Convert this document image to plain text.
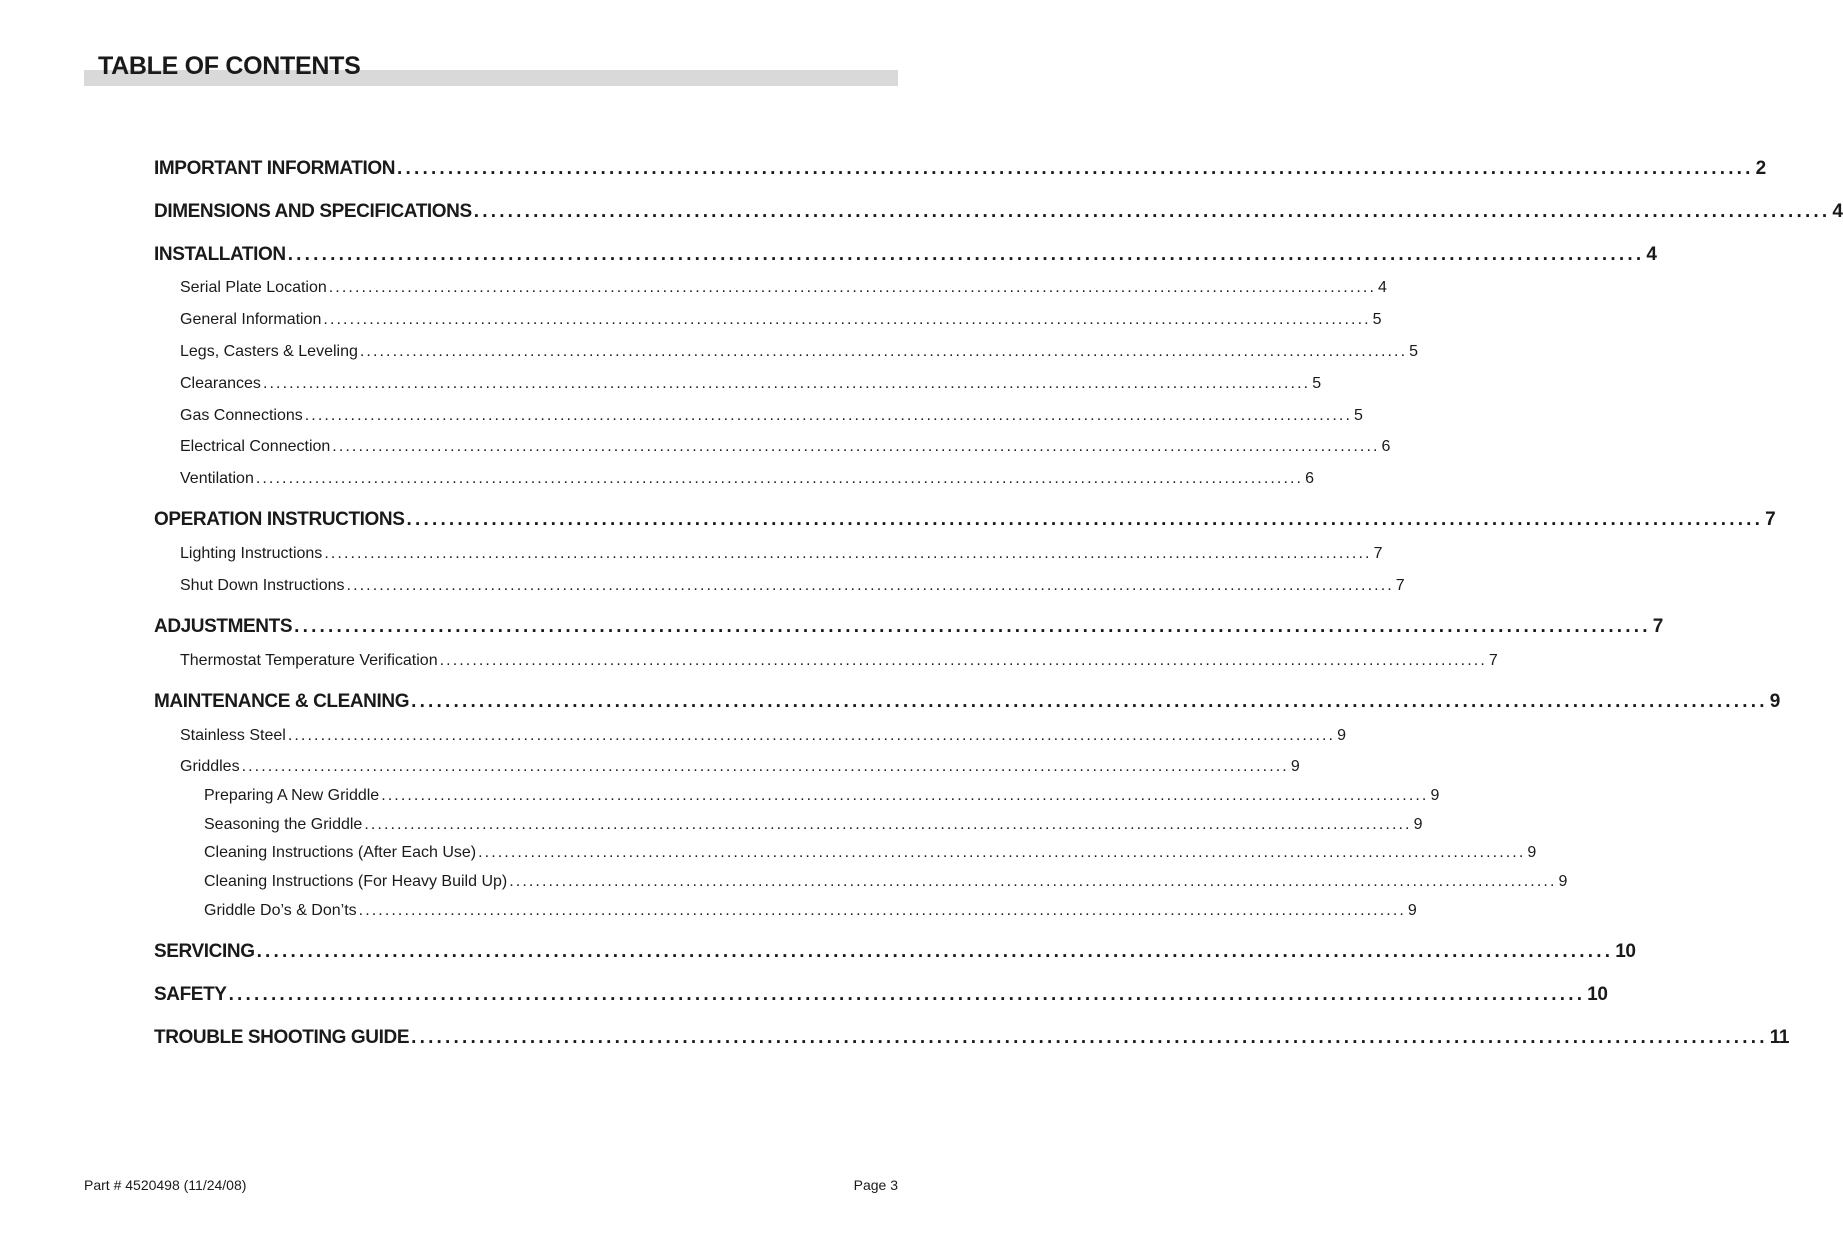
TABLE OF CONTENTS
IMPORTANT INFORMATION ................................................................................................................................................................ 2
DIMENSIONS AND SPECIFICATIONS ................................................................................................................................................................ 4
INSTALLATION ................................................................................................................................................................ 4
Serial Plate Location ................................................................................................................................................................ 4
General Information ................................................................................................................................................................ 5
Legs, Casters & Leveling ................................................................................................................................................................ 5
Clearances ................................................................................................................................................................ 5
Gas Connections ................................................................................................................................................................ 5
Electrical Connection ................................................................................................................................................................ 6
Ventilation ................................................................................................................................................................ 6
OPERATION INSTRUCTIONS ................................................................................................................................................................ 7
Lighting Instructions ................................................................................................................................................................ 7
Shut Down Instructions ................................................................................................................................................................ 7
ADJUSTMENTS ................................................................................................................................................................ 7
Thermostat Temperature Verification ................................................................................................................................................................ 7
MAINTENANCE & CLEANING ................................................................................................................................................................ 9
Stainless Steel ................................................................................................................................................................ 9
Griddles ................................................................................................................................................................ 9
Preparing A New Griddle ................................................................................................................................................................ 9
Seasoning the Griddle ................................................................................................................................................................ 9
Cleaning Instructions (After Each Use) ................................................................................................................................................................ 9
Cleaning Instructions (For Heavy Build Up) ................................................................................................................................................................ 9
Griddle Do’s & Don’ts ................................................................................................................................................................ 9
SERVICING ................................................................................................................................................................ 10
SAFETY ................................................................................................................................................................ 10
TROUBLE SHOOTING GUIDE ................................................................................................................................................................ 11
Part # 4520498 (11/24/08)	Page 3
